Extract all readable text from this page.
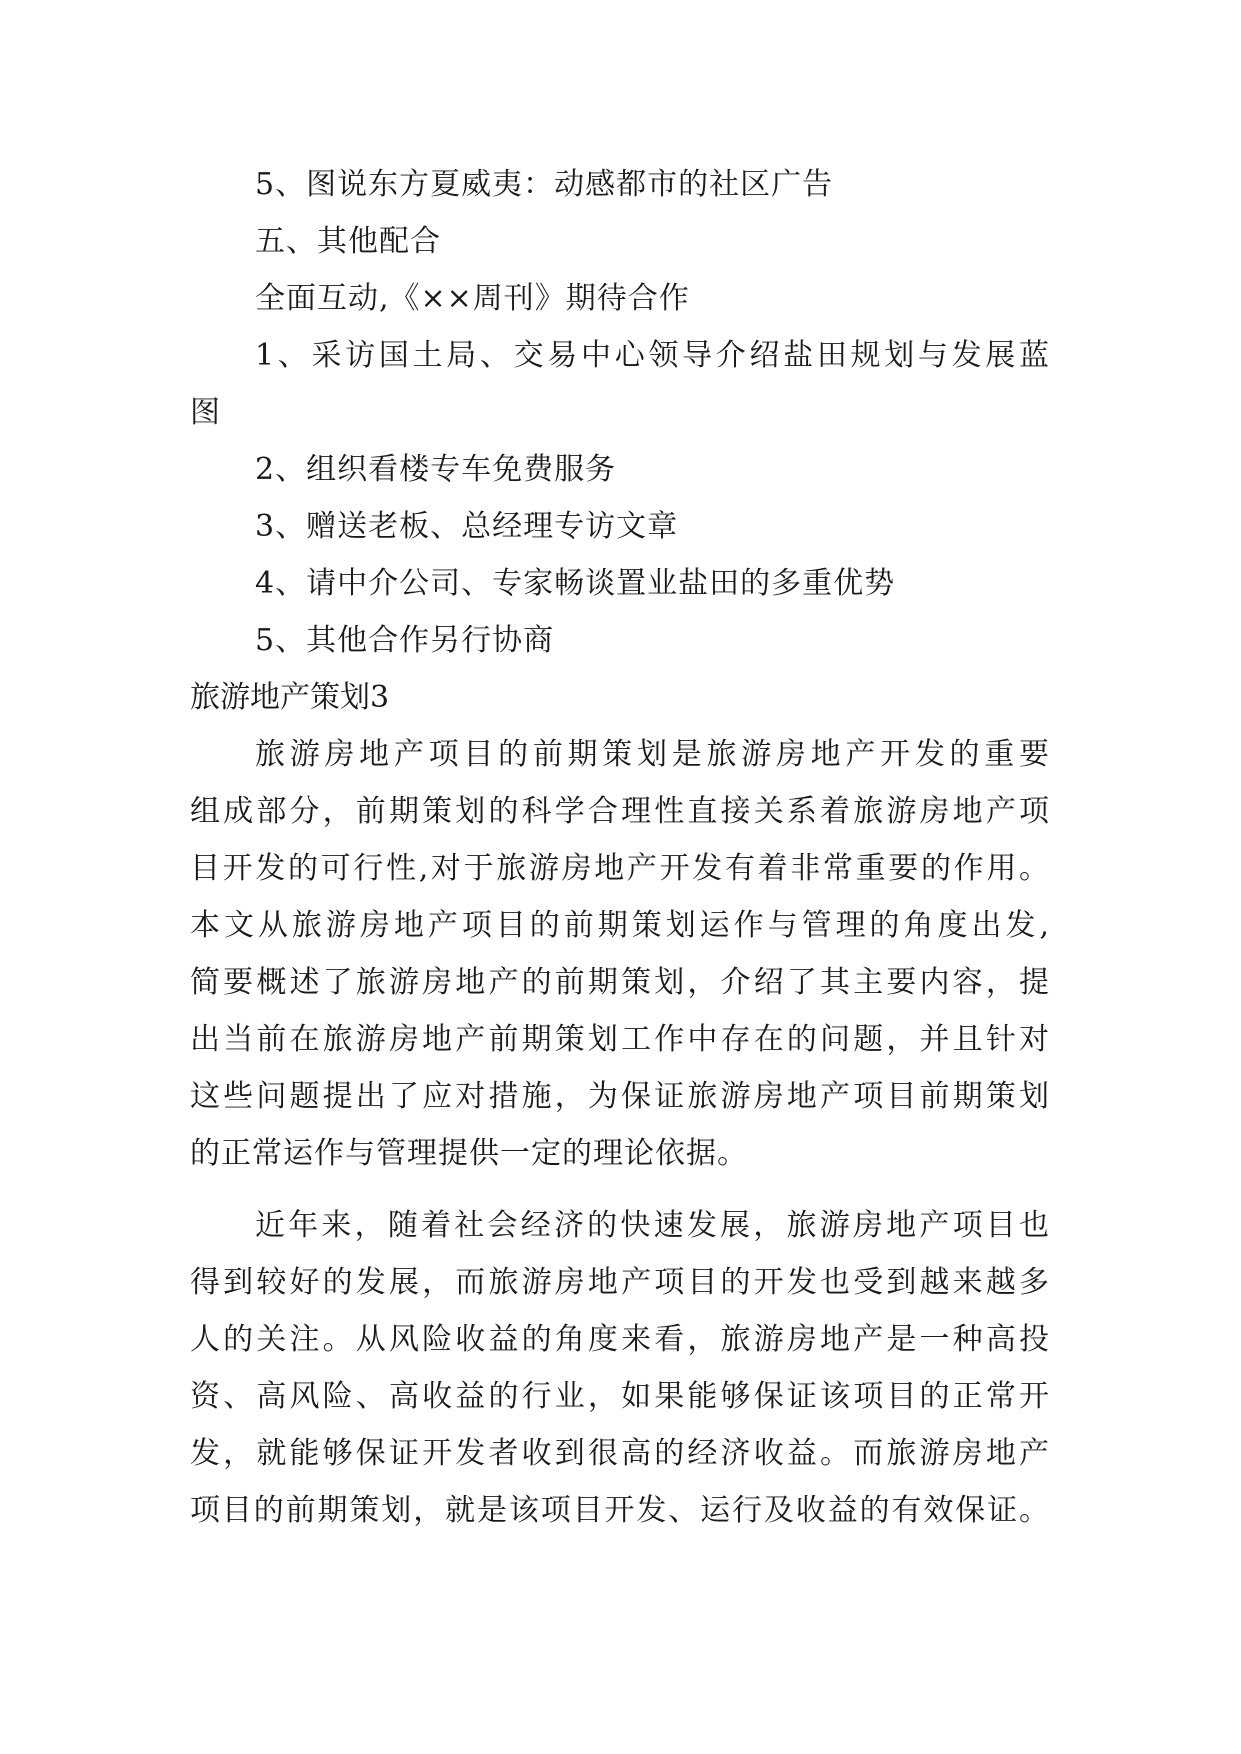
5、图说东方夏威夷：动感都市的社区广告
五、其他配合
全面互动,《××周刊》期待合作
1、采访国土局、交易中心领导介绍盐田规划与发展蓝
图
2、组织看楼专车免费服务
3、赠送老板、总经理专访文章
4、请中介公司、专家畅谈置业盐田的多重优势
5、其他合作另行协商
旅游地产策划3
旅游房地产项目的前期策划是旅游房地产开发的重要
组成部分，前期策划的科学合理性直接关系着旅游房地产项
目开发的可行性,对于旅游房地产开发有着非常重要的作用。
本文从旅游房地产项目的前期策划运作与管理的角度出发,
简要概述了旅游房地产的前期策划，介绍了其主要内容，提
出当前在旅游房地产前期策划工作中存在的问题，并且针对
这些问题提出了应对措施，为保证旅游房地产项目前期策划
的正常运作与管理提供一定的理论依据。
近年来，随着社会经济的快速发展，旅游房地产项目也
得到较好的发展，而旅游房地产项目的开发也受到越来越多
人的关注。从风险收益的角度来看，旅游房地产是一种高投
资、高风险、高收益的行业，如果能够保证该项目的正常开
发，就能够保证开发者收到很高的经济收益。而旅游房地产
项目的前期策划，就是该项目开发、运行及收益的有效保证。
